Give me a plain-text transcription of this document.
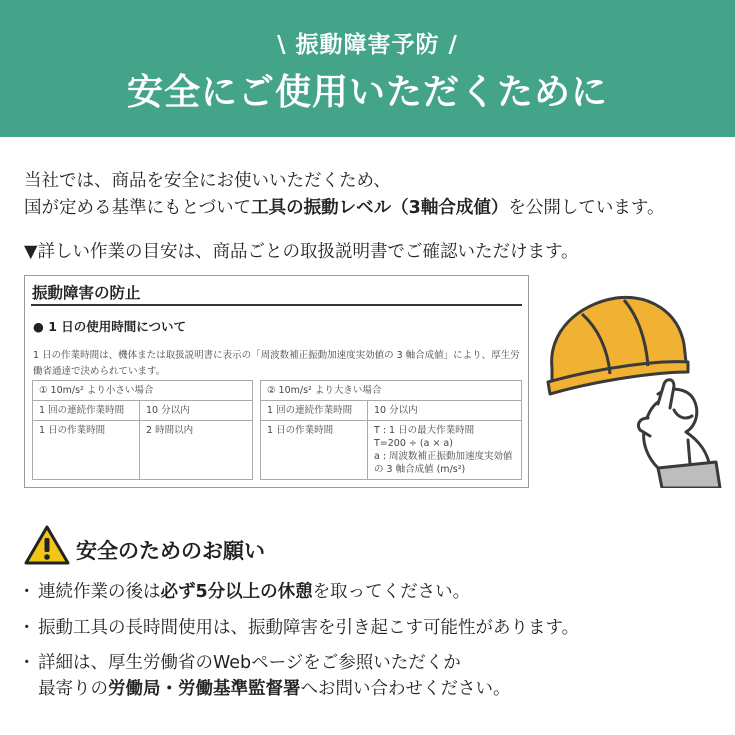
\ 振動障害予防 /
安全にご使用いただくために
当社では、商品を安全にお使いいただくため、
国が定める基準にもとづいて工具の振動レベル（3軸合成値）を公開しています。
▼詳しい作業の目安は、商品ごとの取扱説明書でご確認いただけます。
振動障害の防止
● 1 日の使用時間について
1 日の作業時間は、機体または取扱説明書に表示の「周波数補正振動加速度実効値の 3 軸合成値」により、厚生労働省通達で決められています。
① 10m/s² より小さい場合			② 10m/s² より大きい場合	
1 回の連続作業時間	10 分以内		1 回の連続作業時間	10 分以内
1 日の作業時間	2 時間以内		1 日の作業時間	T : 1 日の最大作業時間
T=200 ÷ (a × a)
a : 周波数補正振動加速度実効値の 3 軸合成値 (m/s²)
安全のためのお願い
・ 連続作業の後は必ず5分以上の休憩を取ってください。
・ 振動工具の長時間使用は、振動障害を引き起こす可能性があります。
・ 詳細は、厚生労働省のWebページをご参照いただくか
最寄りの労働局・労働基準監督署へお問い合わせください。
